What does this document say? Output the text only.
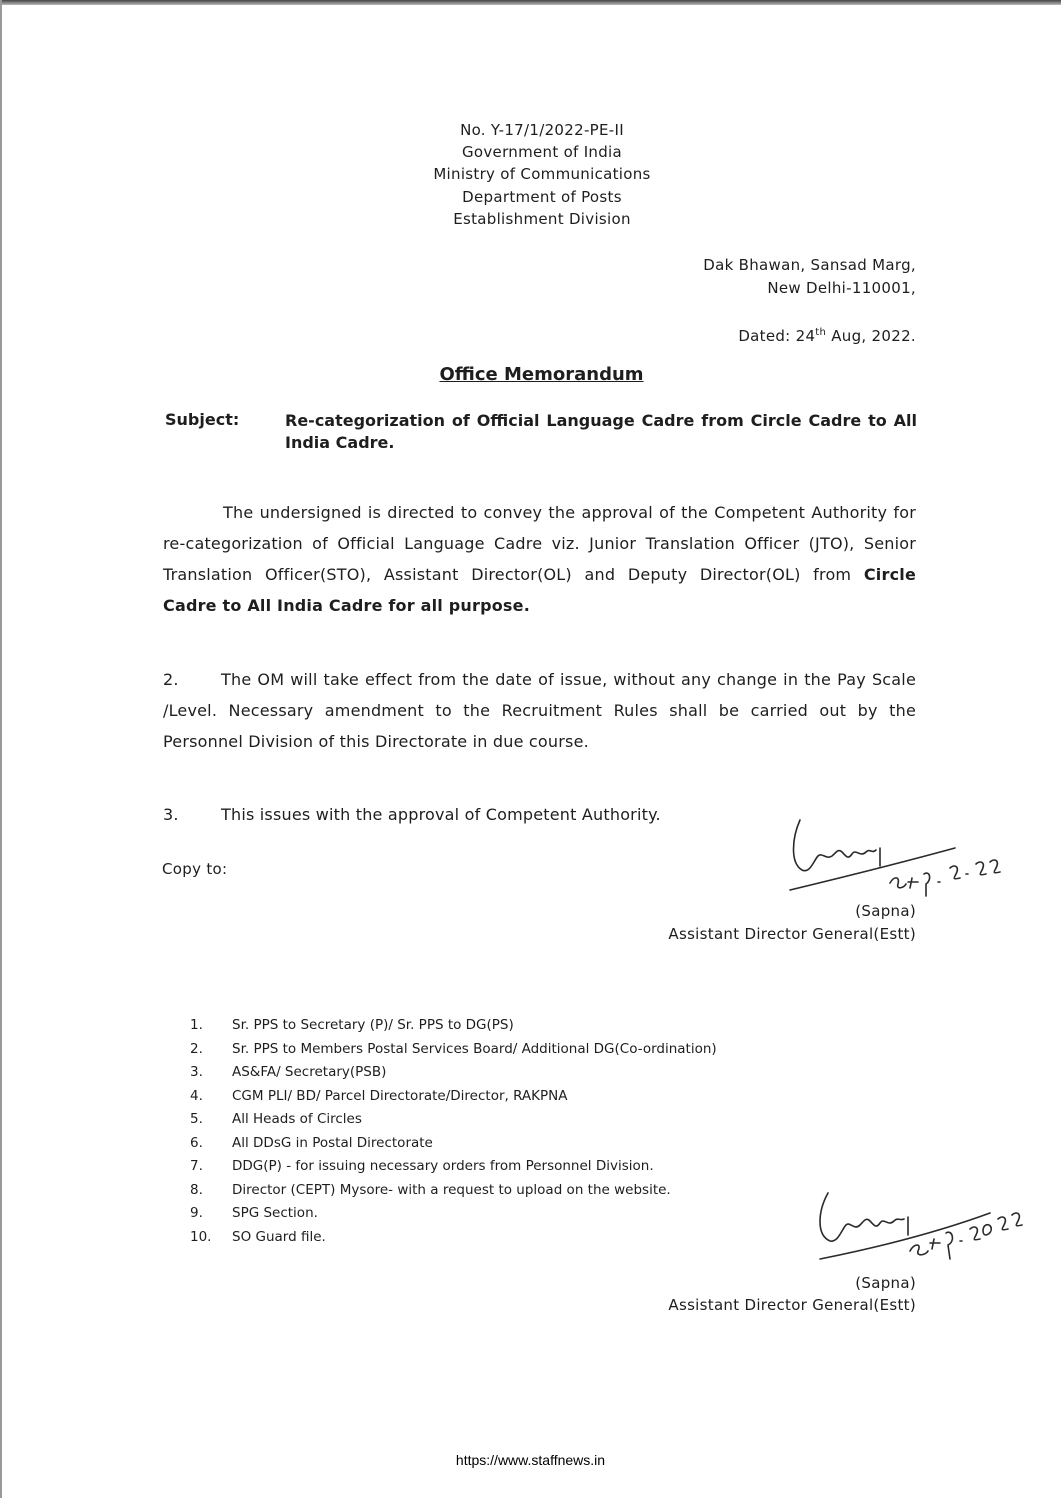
No. Y-17/1/2022-PE-II
Government of India
Ministry of Communications
Department of Posts
Establishment Division
Dak Bhawan, Sansad Marg,
New Delhi-110001,
Dated: 24th Aug, 2022.
Office Memorandum
Subject:	Re-categorization of Official Language Cadre from Circle Cadre to All India Cadre.
The undersigned is directed to convey the approval of the Competent Authority for re-categorization of Official Language Cadre viz. Junior Translation Officer (JTO), Senior Translation Officer(STO), Assistant Director(OL) and Deputy Director(OL) from Circle Cadre to All India Cadre for all purpose.
2.	The OM will take effect from the date of issue, without any change in the Pay Scale /Level. Necessary amendment to the Recruitment Rules shall be carried out by the Personnel Division of this Directorate in due course.
3.	This issues with the approval of Competent Authority.
(Sapna)
Assistant Director General(Estt)
Copy to:
1. Sr. PPS to Secretary (P)/ Sr. PPS to DG(PS)
2. Sr. PPS to Members Postal Services Board/ Additional DG(Co-ordination)
3. AS&FA/ Secretary(PSB)
4. CGM PLI/ BD/ Parcel Directorate/Director, RAKPNA
5. All Heads of Circles
6. All DDsG in Postal Directorate
7. DDG(P) - for issuing necessary orders from Personnel Division.
8. Director (CEPT) Mysore- with a request to upload on the website.
9. SPG Section.
10. SO Guard file.
(Sapna)
Assistant Director General(Estt)
https://www.staffnews.in
